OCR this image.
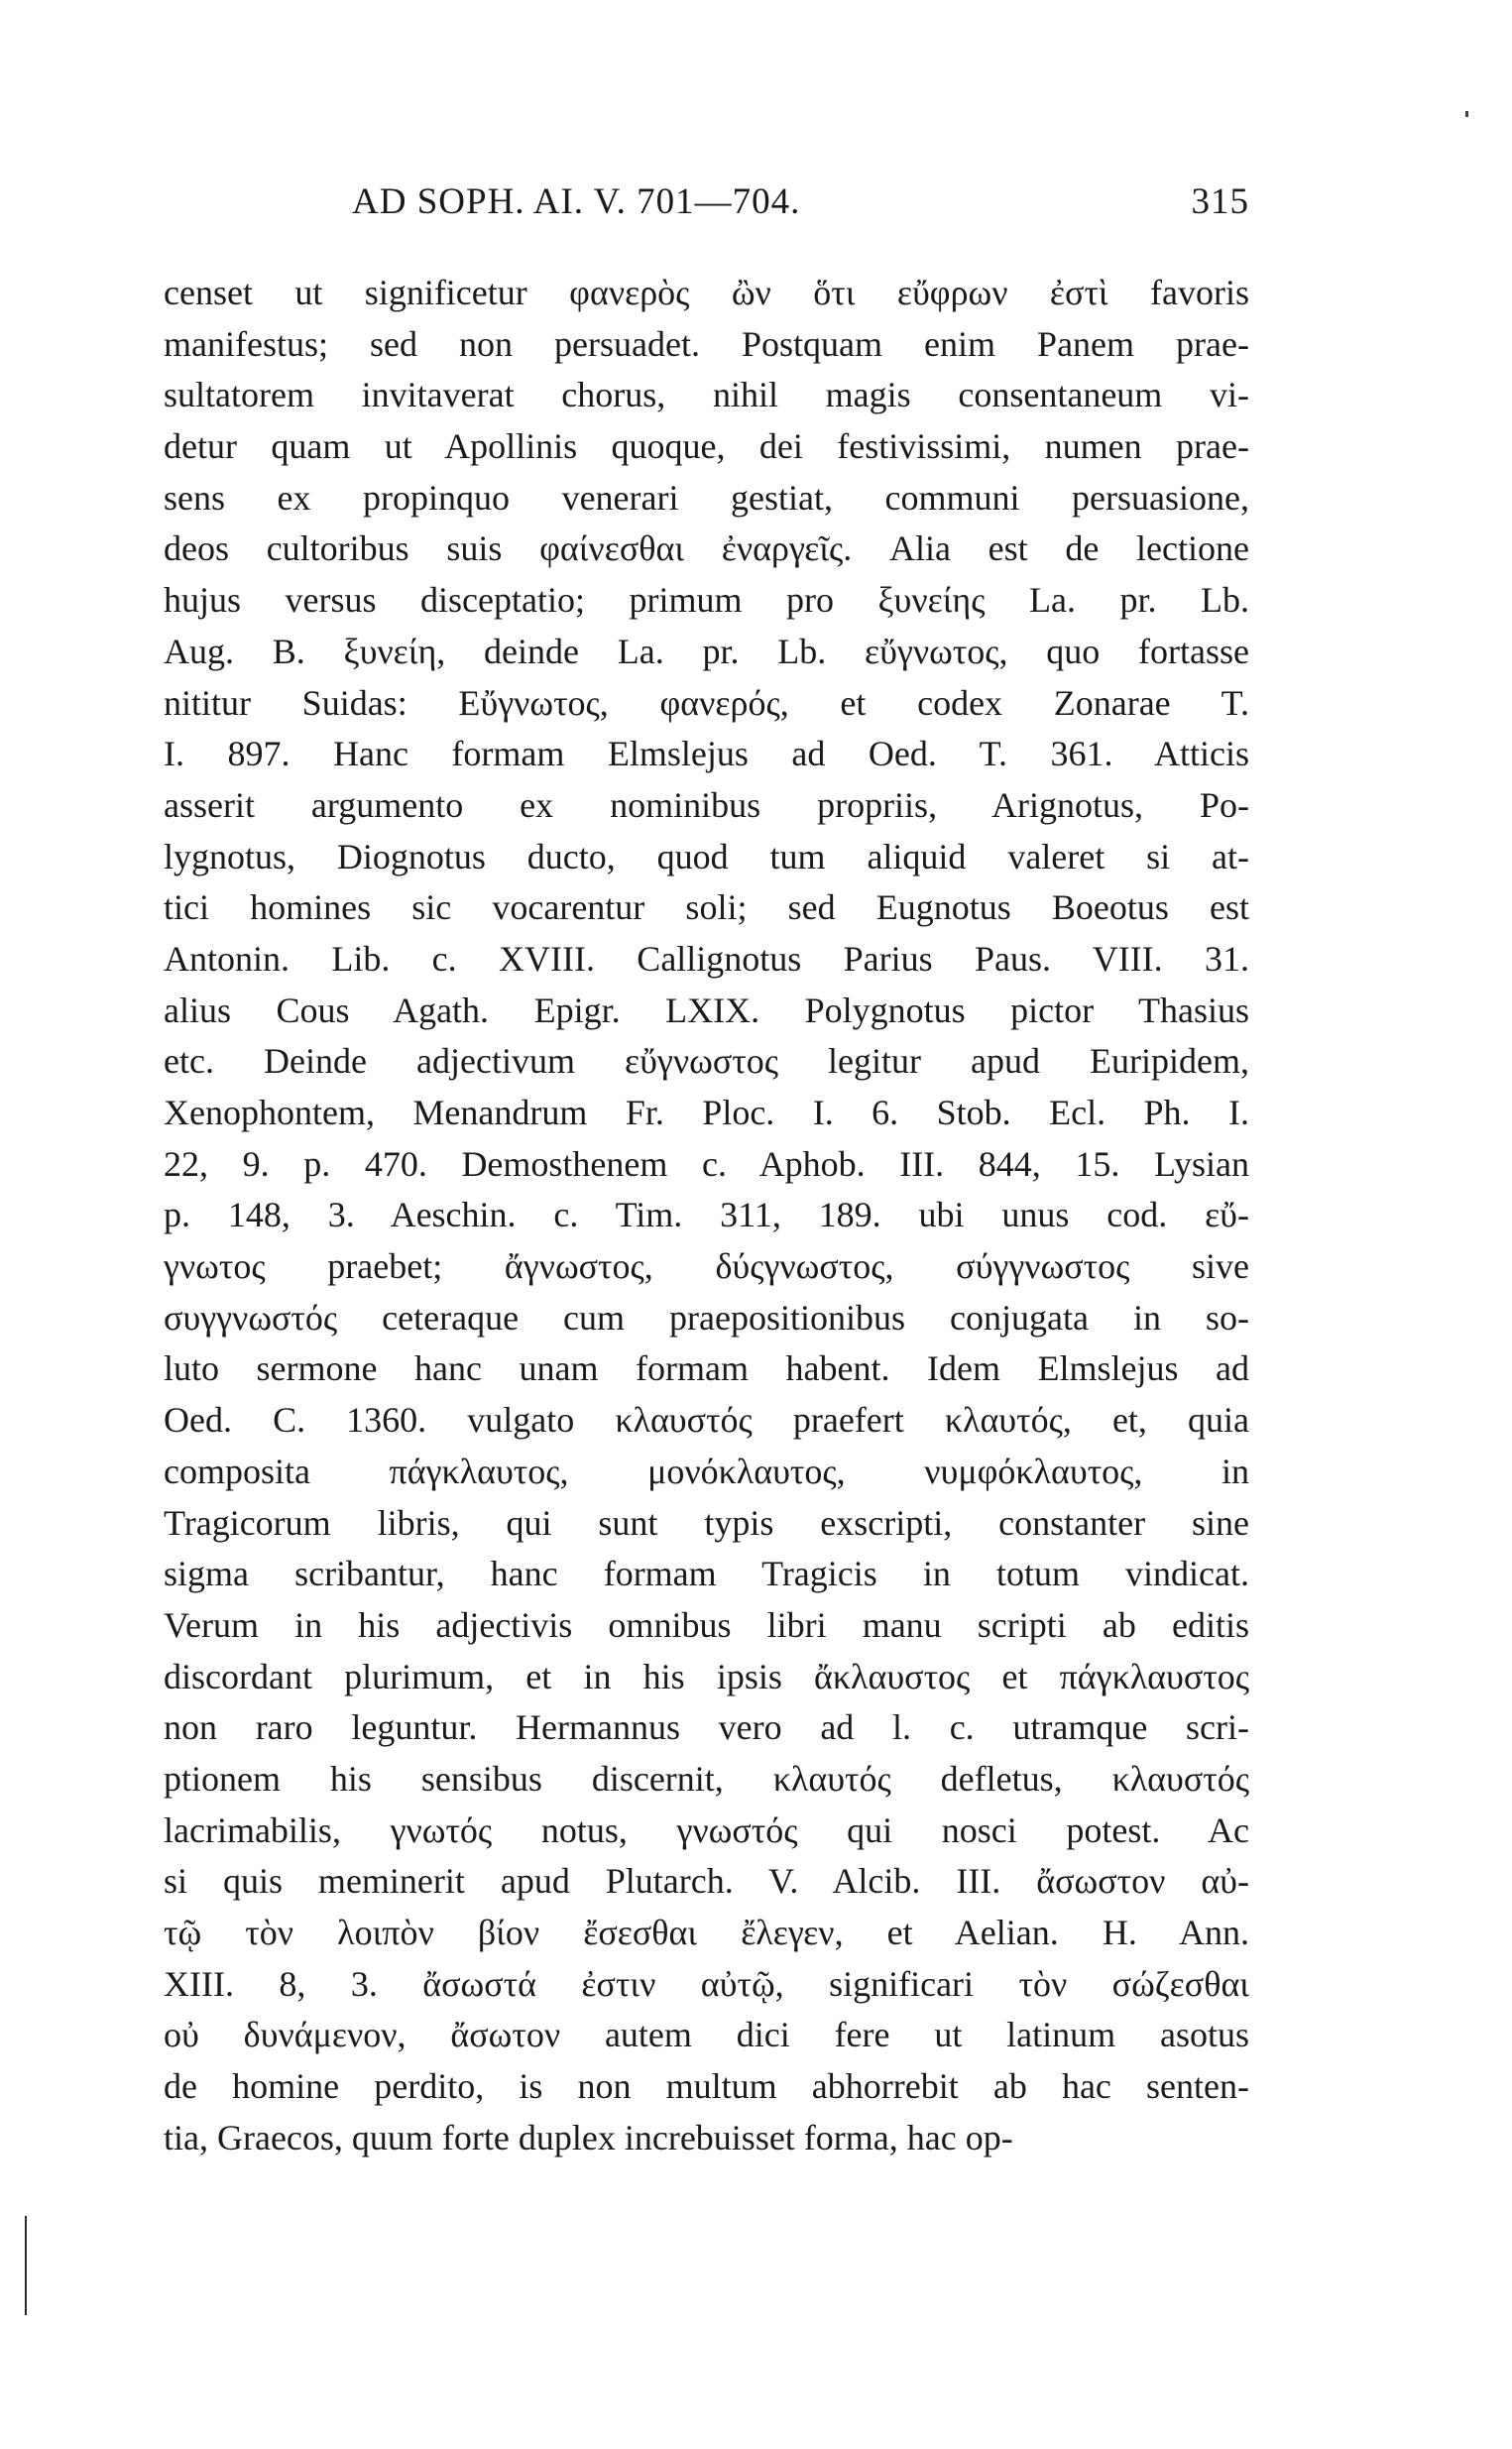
AD SOPH. AI. V. 701—704.	315
censet ut significetur φανερὸς ὢν ὅτι εὔφρων ἐστὶ favoris
manifestus; sed non persuadet. Postquam enim Panem prae-
sultatorem invitaverat chorus, nihil magis consentaneum vi-
detur quam ut Apollinis quoque, dei festivissimi, numen prae-
sens ex propinquo venerari gestiat, communi persuasione,
deos cultoribus suis φαίνεσθαι ἐναργεῖς. Alia est de lectione
hujus versus disceptatio; primum pro ξυνείης La. pr. Lb.
Aug. B. ξυνείη, deinde La. pr. Lb. εὔγνωτος, quo fortasse
nititur Suidas: Εὔγνωτος, φανερός, et codex Zonarae T.
I. 897. Hanc formam Elmslejus ad Oed. T. 361. Atticis
asserit argumento ex nominibus propriis, Arignotus, Po-
lygnotus, Diognotus ducto, quod tum aliquid valeret si at-
tici homines sic vocarentur soli; sed Eugnotus Boeotus est
Antonin. Lib. c. XVIII. Callignotus Parius Paus. VIII. 31.
alius Cous Agath. Epigr. LXIX. Polygnotus pictor Thasius
etc. Deinde adjectivum εὔγνωστος legitur apud Euripidem,
Xenophontem, Menandrum Fr. Ploc. I. 6. Stob. Ecl. Ph. I.
22, 9. p. 470. Demosthenem c. Aphob. III. 844, 15. Lysian
p. 148, 3. Aeschin. c. Tim. 311, 189. ubi unus cod. εὔ-
γνωτος praebet; ἄγνωστος, δύςγνωστος, σύγγνωστος sive
συγγνωστός ceteraque cum praepositionibus conjugata in so-
luto sermone hanc unam formam habent. Idem Elmslejus ad
Oed. C. 1360. vulgato κλαυστός praefert κλαυτός, et, quia
composita πάγκλαυτος, μονόκλαυτος, νυμφόκλαυτος, in
Tragicorum libris, qui sunt typis exscripti, constanter sine
sigma scribantur, hanc formam Tragicis in totum vindicat.
Verum in his adjectivis omnibus libri manu scripti ab editis
discordant plurimum, et in his ipsis ἄκλαυστος et πάγκλαυστος
non raro leguntur. Hermannus vero ad l. c. utramque scri-
ptionem his sensibus discernit, κλαυτός defletus, κλαυστός
lacrimabilis, γνωτός notus, γνωστός qui nosci potest. Ac
si quis meminerit apud Plutarch. V. Alcib. III. ἄσωστον αὐ-
τῷ τὸν λοιπὸν βίον ἔσεσθαι ἔλεγεν, et Aelian. H. Ann.
XIII. 8, 3. ἄσωστά ἐστιν αὐτῷ, significari τὸν σώζεσθαι
οὐ δυνάμενον, ἄσωτον autem dici fere ut latinum asotus
de homine perdito, is non multum abhorrebit ab hac senten-
tia, Graecos, quum forte duplex increbuisset forma, hac op-
